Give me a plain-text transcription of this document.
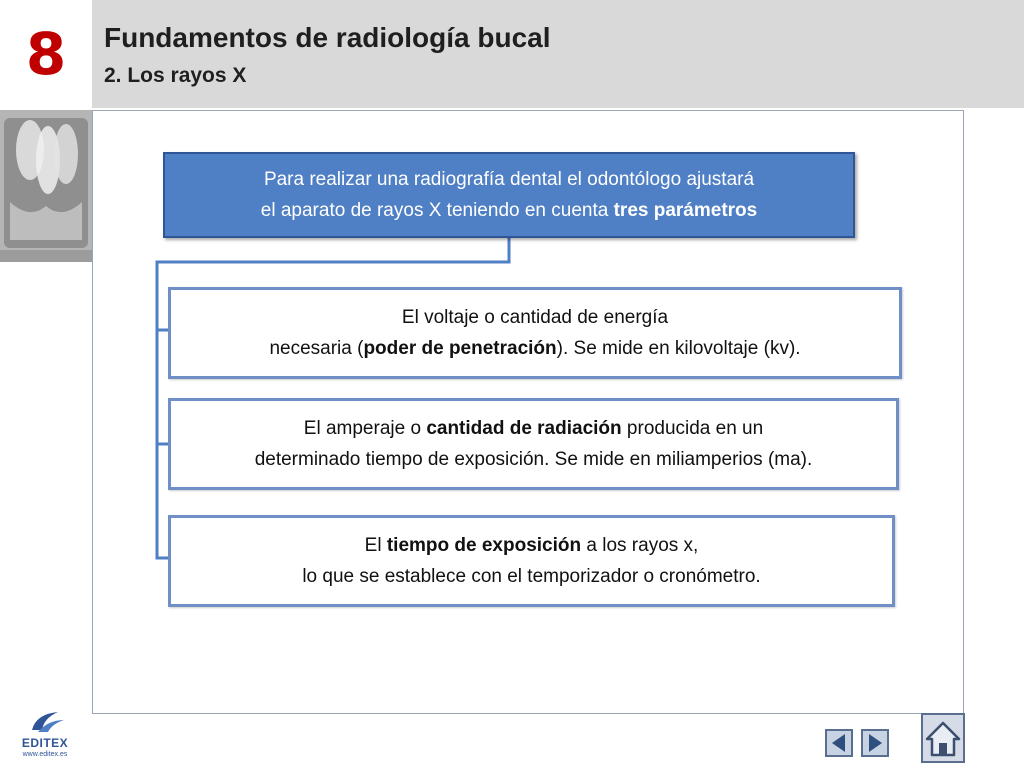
8	Fundamentos de radiología bucal
2. Los rayos X
Para realizar una radiografía dental el odontólogo ajustará
el aparato de rayos X teniendo en cuenta tres parámetros
El voltaje o cantidad de energía
necesaria (poder de penetración). Se mide en kilovoltaje (kv).
El amperaje o cantidad de radiación producida en un
determinado tiempo de exposición. Se mide en miliamperios (ma).
El tiempo de exposición a los rayos x,
lo que se establece con el temporizador o cronómetro.
EDITEX
www.editex.es
